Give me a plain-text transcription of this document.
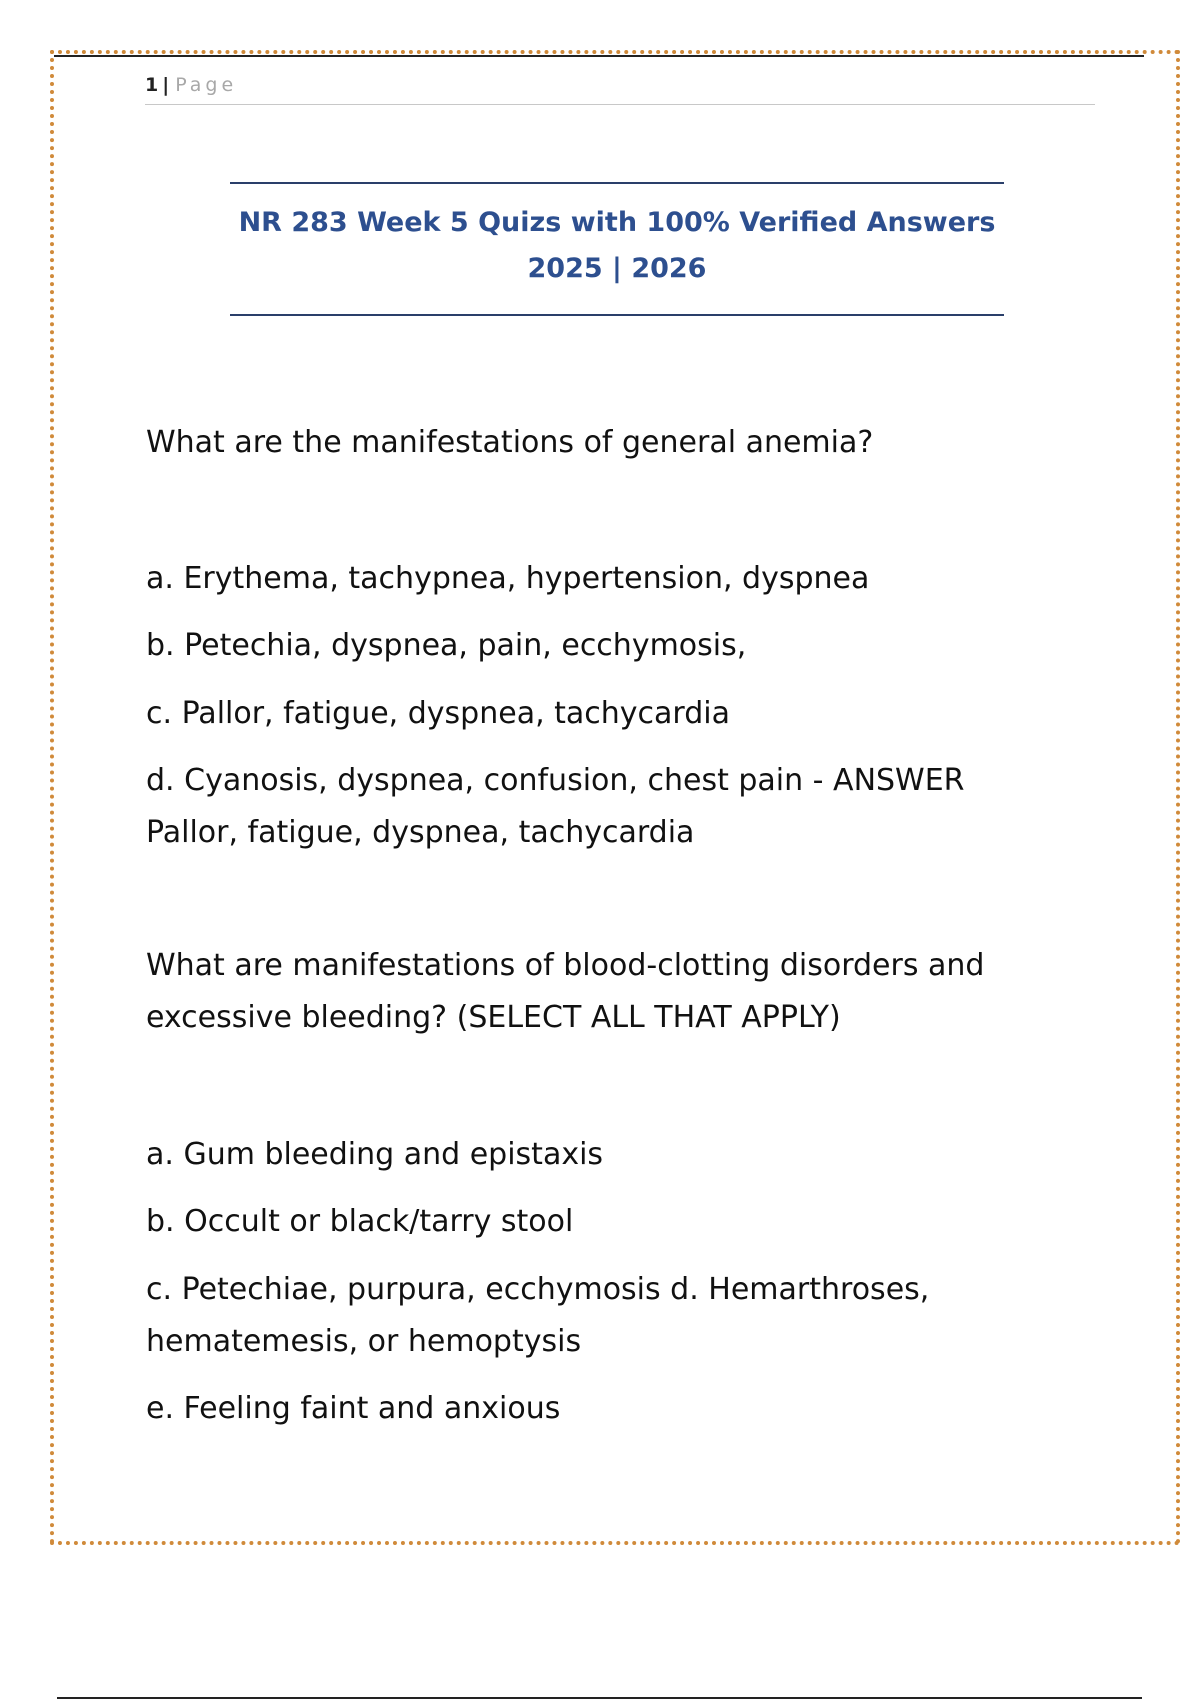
1 | Page
NR 283 Week 5 Quizs with 100% Verified Answers
2025 | 2026
What are the manifestations of general anemia?
a. Erythema, tachypnea, hypertension, dyspnea
b. Petechia, dyspnea, pain, ecchymosis,
c. Pallor, fatigue, dyspnea, tachycardia
d. Cyanosis, dyspnea, confusion, chest pain - ANSWER Pallor, fatigue, dyspnea, tachycardia
What are manifestations of blood-clotting disorders and excessive bleeding? (SELECT ALL THAT APPLY)
a. Gum bleeding and epistaxis
b. Occult or black/tarry stool
c. Petechiae, purpura, ecchymosis d. Hemarthroses, hematemesis, or hemoptysis
e. Feeling faint and anxious
